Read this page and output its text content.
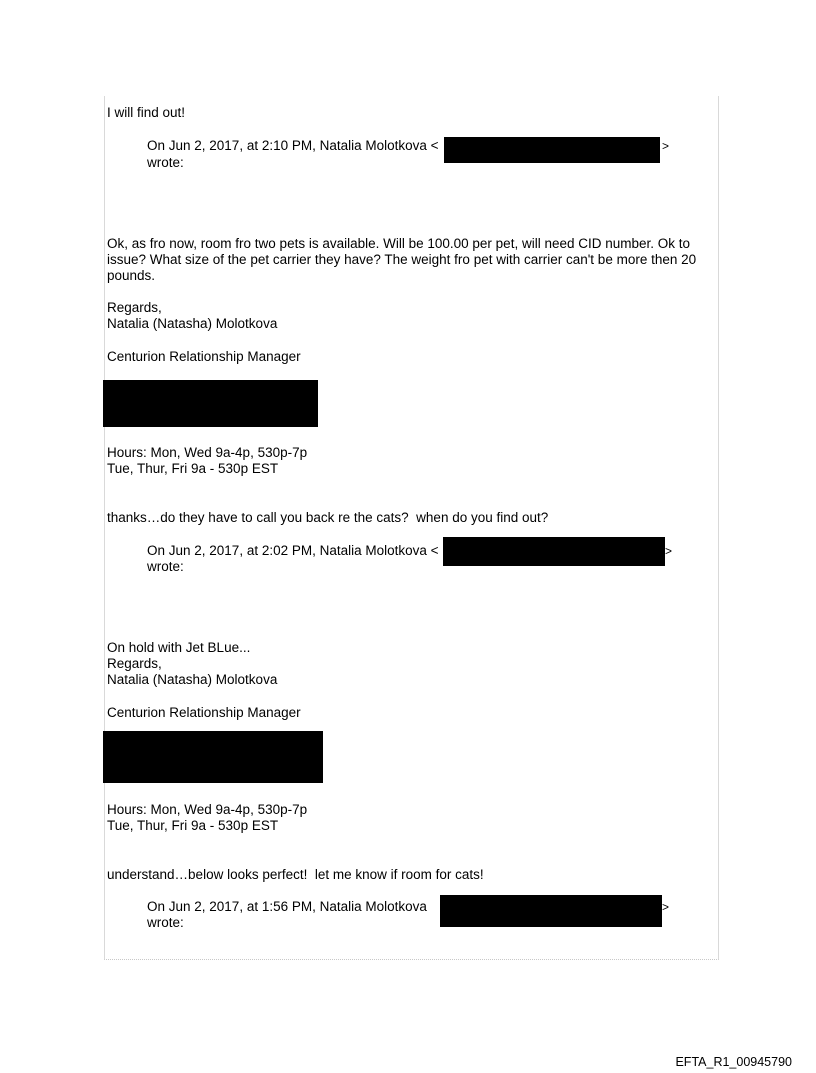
I will find out!
On Jun 2, 2017, at 2:10 PM, Natalia Molotkova <	>
wrote:
Ok, as fro now, room fro two pets is available. Will be 100.00 per pet, will need CID number. Ok to issue? What size of the pet carrier they have? The weight fro pet with carrier can't be more then 20 pounds.
Regards,
Natalia (Natasha) Molotkova
Centurion Relationship Manager
Hours: Mon, Wed 9a-4p, 530p-7p
Tue, Thur, Fri 9a - 530p EST
thanks…do they have to call you back re the cats?  when do you find out?
On Jun 2, 2017, at 2:02 PM, Natalia Molotkova <	>
wrote:
On hold with Jet BLue...
Regards,
Natalia (Natasha) Molotkova
Centurion Relationship Manager
Hours: Mon, Wed 9a-4p, 530p-7p
Tue, Thur, Fri 9a - 530p EST
understand…below looks perfect!  let me know if room for cats!
On Jun 2, 2017, at 1:56 PM, Natalia Molotkova	>
wrote:
EFTA_R1_00945790
